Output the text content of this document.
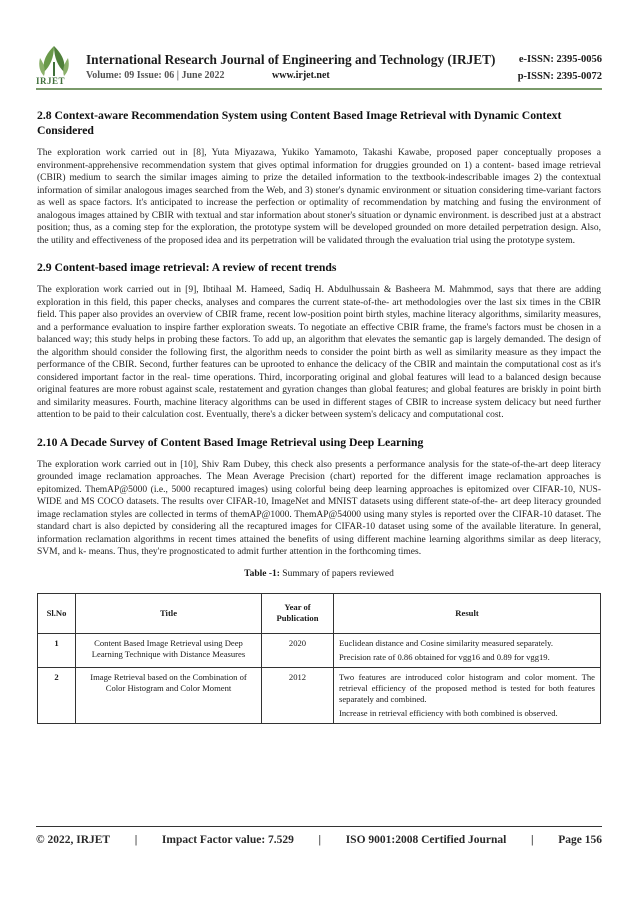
IRJET
International Research Journal of Engineering and Technology (IRJET) e-ISSN: 2395-0056
Volume: 09 Issue: 06 | June 2022	www.irjet.net	p-ISSN: 2395-0072
2.8 Context-aware Recommendation System using Content Based Image Retrieval with Dynamic Context Considered

The exploration work carried out in [8], Yuta Miyazawa, Yukiko Yamamoto, Takashi Kawabe, proposed paper conceptually proposes a environment-apprehensive recommendation system that gives optimal information for druggies grounded on 1) a content- based image retrieval (CBIR) medium to search the similar images aiming to prize the detailed information to the textbook-indescribable images 2) the contextual information of similar analogous images searched from the Web, and 3) stoner's dynamic environment or situation considering time-variant factors as well as space factors. It's anticipated to increase the perfection or optimality of recommendation by matching and fusing the environment of analogous images attained by CBIR with textual and star information about stoner's situation or dynamic environment. is described just at a abstract position; thus, as a coming step for the exploration, the prototype system will be developed grounded on more detailed perpetration design. Also, the utility and effectiveness of the proposed idea and its perpetration will be validated through the evaluation trial using the prototype system.

2.9 Content-based image retrieval: A review of recent trends

The exploration work carried out in [9], Ibtihaal M. Hameed, Sadiq H. Abdulhussain & Basheera M. Mahmmod, says that there are adding exploration in this field, this paper checks, analyses and compares the current state-of-the- art methodologies over the last six times in the CBIR field. This paper also provides an overview of CBIR frame, recent low-position point birth styles, machine literacy algorithms, similarity measures, and a performance evaluation to inspire farther exploration sweats. To negotiate an effective CBIR frame, the frame's factors must be chosen in a balanced way; this study helps in probing these factors. To add up, an algorithm that elevates the semantic gap is largely demanded. The design of the algorithm should consider the following first, the algorithm needs to consider the point birth as well as similarity measure as they impact the performance of the CBIR. Second, further features can be uprooted to enhance the delicacy of the CBIR and maintain the computational cost as it's considered important factor in the real- time operations. Third, incorporating original and global features will lead to a balanced design because original features are more robust against scale, restatement and gyration changes than global features; and global features are briskly in point birth and similarity measures. Fourth, machine literacy algorithms can be used in different stages of CBIR to increase system delicacy but need further attention to be paid to their calculation cost. Eventually, there's a dicker between system's delicacy and computational cost.

2.10 A Decade Survey of Content Based Image Retrieval using Deep Learning

The exploration work carried out in [10], Shiv Ram Dubey, this check also presents a performance analysis for the state-of-the-art deep literacy grounded image reclamation approaches. The Mean Average Precision (chart) reported for the different image reclamation approaches is epitomized. ThemAP@5000 (i.e., 5000 recaptured images) using colorful being deep learning approaches is epitomized over CIFAR-10, NUS-WIDE and MS COCO datasets. The results over CIFAR-10, ImageNet and MNIST datasets using different state-of-the- art deep literacy grounded image reclamation styles are collected in terms of themAP@1000. ThemAP@54000 using many styles is reported over the CIFAR-10 dataset. The standard chart is also depicted by considering all the recaptured images for CIFAR-10 dataset using some of the available literature. In general, information reclamation algorithms in recent times attained the benefits of using different machine learning algorithms similar as deep literacy, SVM, and k- means. Thus, they're prognosticated to admit further attention in the forthcoming times.

Table -1: Summary of papers reviewed
Sl.No	Title	Year of Publication	Result
1	Content Based Image Retrieval using Deep Learning Technique with Distance Measures	2020	Euclidean distance and Cosine similarity measured separately.

Precision rate of 0.86 obtained for vgg16 and 0.89 for vgg19.

2	Image Retrieval based on the Combination of Color Histogram and Color Moment	2012	Two features are introduced color histogram and color moment. The retrieval efficiency of the proposed method is tested for both features separately and combined.

Increase in retrieval efficiency with both combined is observed.

© 2022, IRJET | Impact Factor value: 7.529 | ISO 9001:2008 Certified Journal | Page 156
